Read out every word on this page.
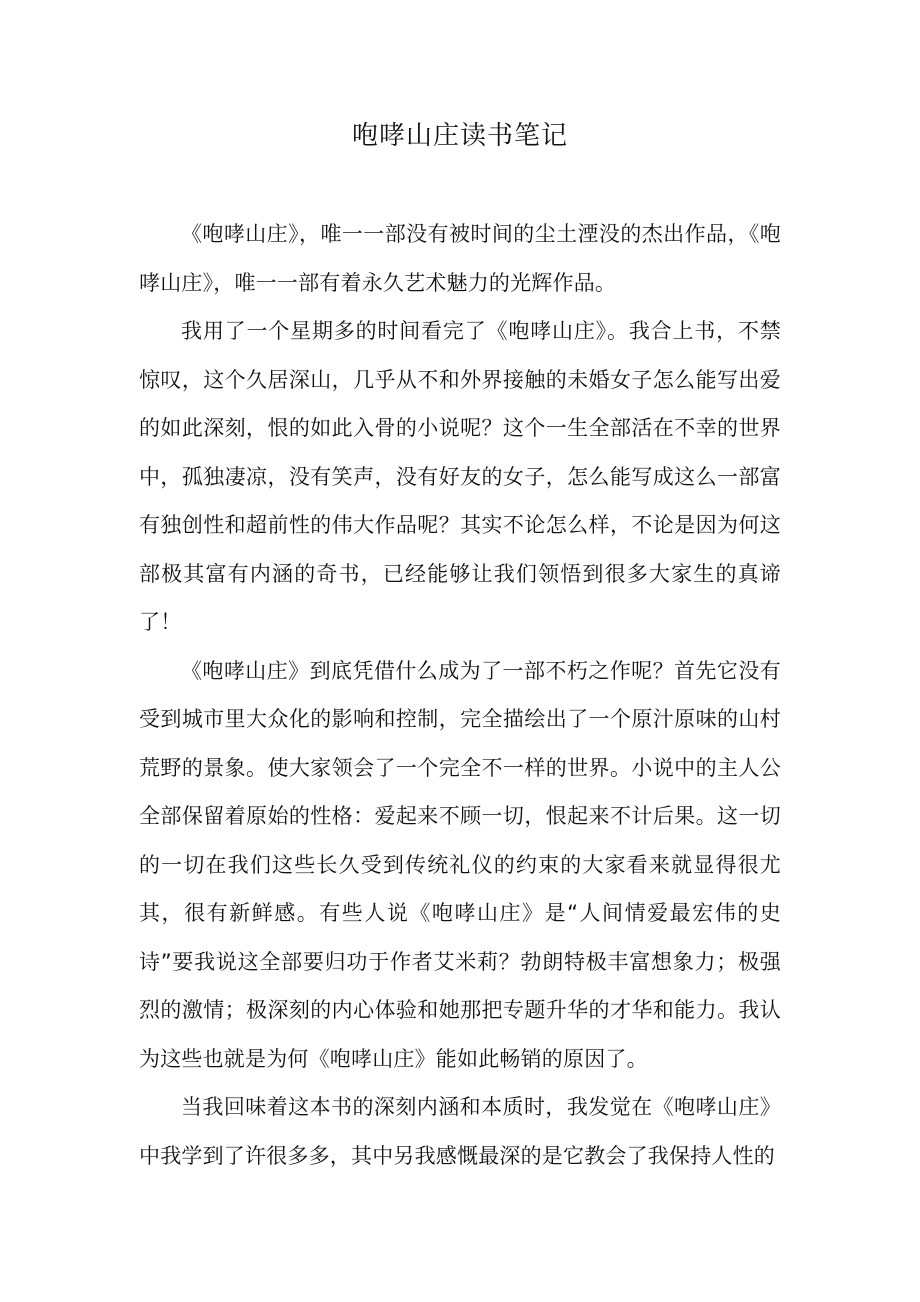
咆哮山庄读书笔记

《咆哮山庄》，唯一一部没有被时间的尘土湮没的杰出作品，《咆哮山庄》，唯一一部有着永久艺术魅力的光辉作品。

我用了一个星期多的时间看完了《咆哮山庄》。我合上书，不禁惊叹，这个久居深山，几乎从不和外界接触的未婚女子怎么能写出爱的如此深刻，恨的如此入骨的小说呢？这个一生全部活在不幸的世界中，孤独凄凉，没有笑声，没有好友的女子，怎么能写成这么一部富有独创性和超前性的伟大作品呢？其实不论怎么样，不论是因为何这部极其富有内涵的奇书，已经能够让我们领悟到很多大家生的真谛了！

《咆哮山庄》到底凭借什么成为了一部不朽之作呢？首先它没有受到城市里大众化的影响和控制，完全描绘出了一个原汁原味的山村荒野的景象。使大家领会了一个完全不一样的世界。小说中的主人公全部保留着原始的性格：爱起来不顾一切，恨起来不计后果。这一切的一切在我们这些长久受到传统礼仪的约束的大家看来就显得很尤其，很有新鲜感。有些人说《咆哮山庄》是“人间情爱最宏伟的史诗”要我说这全部要归功于作者艾米莉？勃朗特极丰富想象力；极强烈的激情；极深刻的内心体验和她那把专题升华的才华和能力。我认为这些也就是为何《咆哮山庄》能如此畅销的原因了。

当我回味着这本书的深刻内涵和本质时，我发觉在《咆哮山庄》中我学到了许很多多，其中另我感慨最深的是它教会了我保持人性的
